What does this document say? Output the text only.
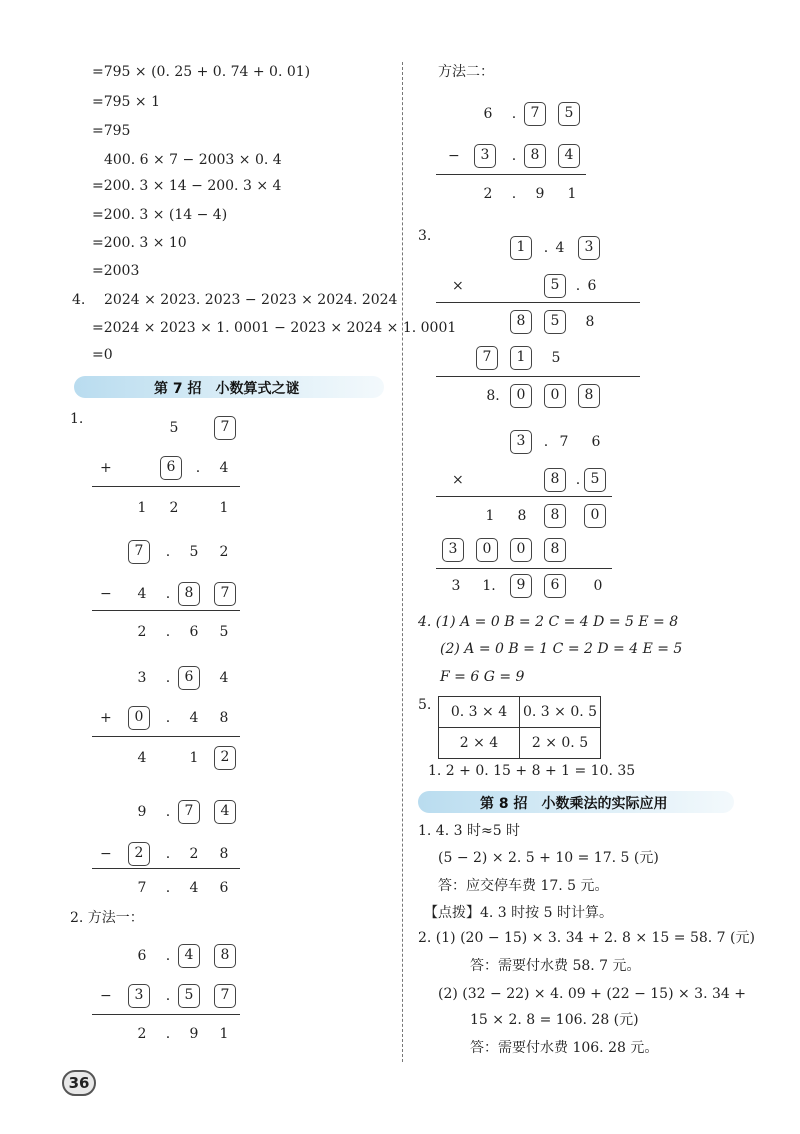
=795 × (0. 25 + 0. 74 + 0. 01)
=795 × 1
=795
400. 6 × 7 − 2003 × 0. 4
=200. 3 × 14 − 200. 3 × 4
=200. 3 × (14 − 4)
=200. 3 × 10
=2003
4. 2024 × 2023. 2023 − 2023 × 2024. 2024
=2024 × 2023 × 1. 0001 − 2023 × 2024 × 1. 0001
=0
第 7 招　小数算式之谜
1.
5	7
+	6	.	4
1 2	1
7	.	5 2
− 4	.	8	7
2	.	6 5
3	.	6	4
+	0	.	4 8
4	1	2
9	.	7	4
−	2	.	2 8
7	.	4 6
2. 方法一：
6	.	4	8
−	3	.	5	7
2	.	9 1
方法二：
6	.	7	5
−	3	.	8	4
2	.	9 1
3.
1	. 4	3
×	5	. 6
8	5	8
7	1	5
8.	0	0	8
3	. 7 6
×	8	. 5
1 8	8	0
3	0	0	8
3	1.	9	6	0
4. (1) A = 0 B = 2 C = 4 D = 5 E = 8
(2) A = 0 B = 1 C = 2 D = 4 E = 5
F = 6 G = 9
5. 0. 3 × 4	0. 3 × 0. 5
2 × 4	2 × 0. 5
1. 2 + 0. 15 + 8 + 1 = 10. 35
第 8 招　小数乘法的实际应用
1. 4. 3 时≈5 时
(5 − 2) × 2. 5 + 10 = 17. 5 (元)
答：应交停车费 17. 5 元。
【点拨】4. 3 时按 5 时计算。
2. (1) (20 − 15) × 3. 34 + 2. 8 × 15 = 58. 7 (元)
答：需要付水费 58. 7 元。
(2) (32 − 22) × 4. 09 + (22 − 15) × 3. 34 +
15 × 2. 8 = 106. 28 (元)
答：需要付水费 106. 28 元。
36
